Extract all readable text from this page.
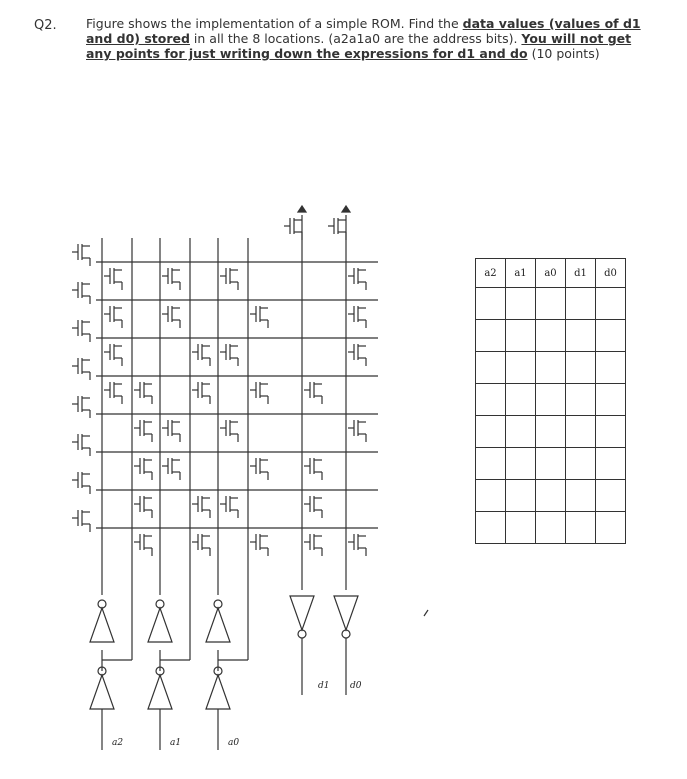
Q2. Figure shows the implementation of a simple ROM. Find the data values (values of d1 and d0) stored in all the 8 locations. (a2a1a0 are the address bits). You will not get any points for just writing down the expressions for d1 and do (10 points)
d1 d0
a2	a1	a0
a2	a1	a0	d1	d0
